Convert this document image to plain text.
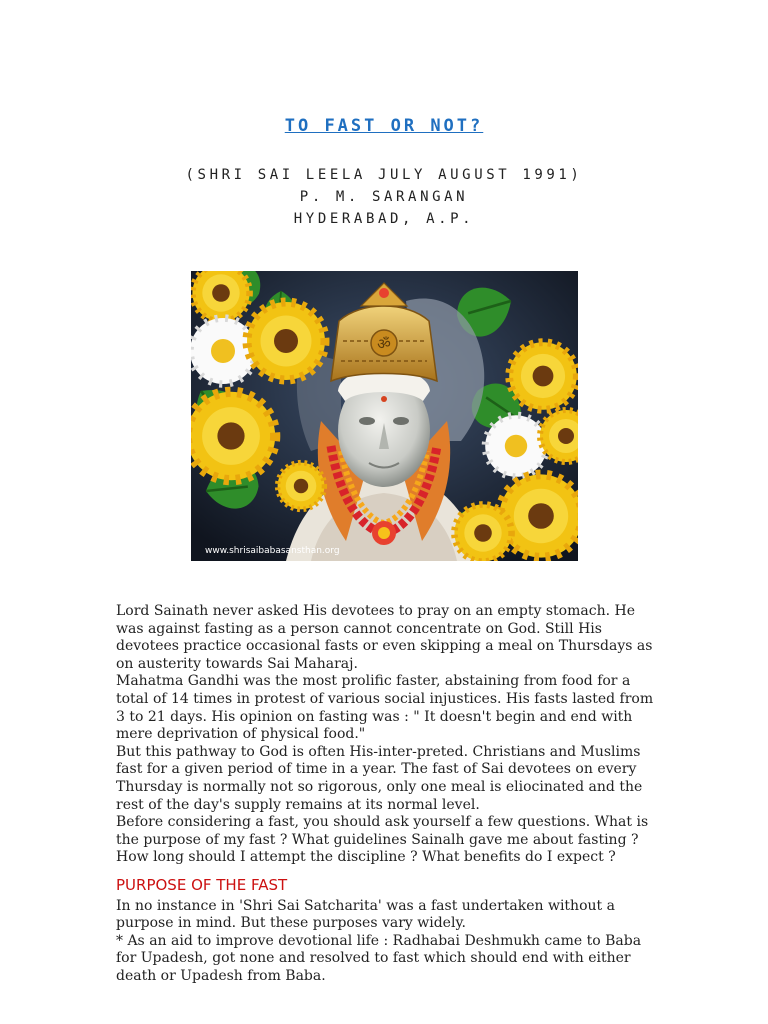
TO FAST OR NOT?
(SHRI SAI LEELA JULY AUGUST 1991)
P. M. SARANGAN
HYDERABAD, A.P.
ॐ
www.shrisaibabasansthan.org

Lord Sainath never asked His devotees to pray on an empty stomach. He was against fasting as a person cannot concentrate on God. Still His devotees practice occasional fasts or even skipping a meal on Thursdays as on austerity towards Sai Maharaj.

Mahatma Gandhi was the most prolific faster, abstaining from food for a total of 14 times in protest of various social injustices. His fasts lasted from 3 to 21 days. His opinion on fasting was : " It doesn't begin and end with mere deprivation of physical food."

But this pathway to God is often His-inter-preted. Christians and Muslims fast for a given period of time in a year. The fast of Sai devotees on every Thursday is normally not so rigorous, only one meal is eliocinated and the rest of the day's supply remains at its normal level.

Before considering a fast, you should ask yourself a few questions. What is the purpose of my fast ? What guidelines Sainalh gave me about fasting ? How long should I attempt the discipline ? What benefits do I expect ?

PURPOSE OF THE FAST

In no instance in 'Shri Sai Satcharita' was a fast undertaken without a purpose in mind. But these purposes vary widely.

* As an aid to improve devotional life : Radhabai Deshmukh came to Baba for Upadesh, got none and resolved to fast which should end with either death or Upadesh from Baba.
